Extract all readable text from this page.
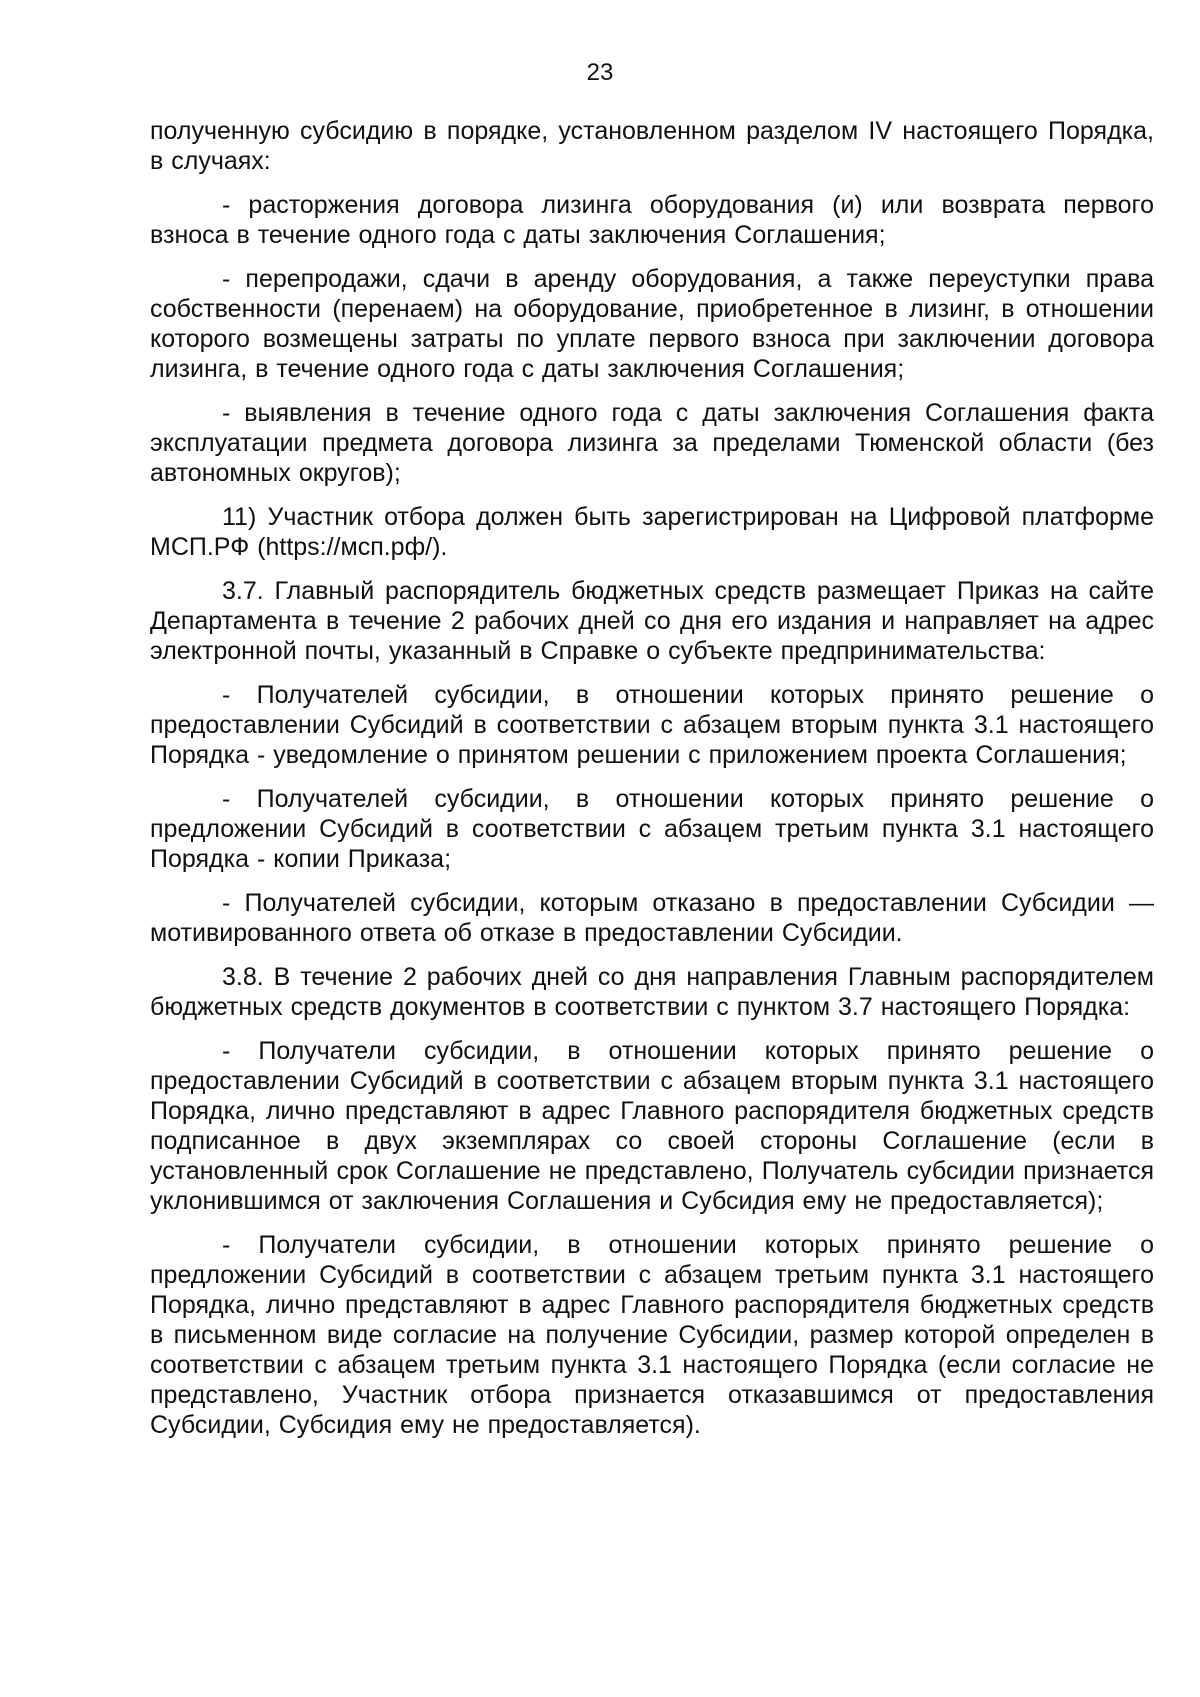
23

полученную субсидию в порядке, установленном разделом IV настоящего Порядка, в случаях:

- расторжения договора лизинга оборудования (и) или возврата первого взноса в течение одного года с даты заключения Соглашения;

- перепродажи, сдачи в аренду оборудования, а также переуступки права собственности (перенаем) на оборудование, приобретенное в лизинг, в отношении которого возмещены затраты по уплате первого взноса при заключении договора лизинга, в течение одного года с даты заключения Соглашения;

- выявления в течение одного года с даты заключения Соглашения факта эксплуатации предмета договора лизинга за пределами Тюменской области (без автономных округов);

11) Участник отбора должен быть зарегистрирован на Цифровой платформе МСП.РФ (https://мсп.рф/).

3.7. Главный распорядитель бюджетных средств размещает Приказ на сайте Департамента в течение 2 рабочих дней со дня его издания и направляет на адрес электронной почты, указанный в Справке о субъекте предпринимательства:

- Получателей субсидии, в отношении которых принято решение о предоставлении Субсидий в соответствии с абзацем вторым пункта 3.1 настоящего Порядка - уведомление о принятом решении с приложением проекта Соглашения;

- Получателей субсидии, в отношении которых принято решение о предложении Субсидий в соответствии с абзацем третьим пункта 3.1 настоящего Порядка - копии Приказа;

- Получателей субсидии, которым отказано в предоставлении Субсидии — мотивированного ответа об отказе в предоставлении Субсидии.

3.8. В течение 2 рабочих дней со дня направления Главным распорядителем бюджетных средств документов в соответствии с пунктом 3.7 настоящего Порядка:

- Получатели субсидии, в отношении которых принято решение о предоставлении Субсидий в соответствии с абзацем вторым пункта 3.1 настоящего Порядка, лично представляют в адрес Главного распорядителя бюджетных средств подписанное в двух экземплярах со своей стороны Соглашение (если в установленный срок Соглашение не представлено, Получатель субсидии признается уклонившимся от заключения Соглашения и Субсидия ему не предоставляется);

- Получатели субсидии, в отношении которых принято решение о предложении Субсидий в соответствии с абзацем третьим пункта 3.1 настоящего Порядка, лично представляют в адрес Главного распорядителя бюджетных средств в письменном виде согласие на получение Субсидии, размер которой определен в соответствии с абзацем третьим пункта 3.1 настоящего Порядка (если согласие не представлено, Участник отбора признается отказавшимся от предоставления Субсидии, Субсидия ему не предоставляется).
